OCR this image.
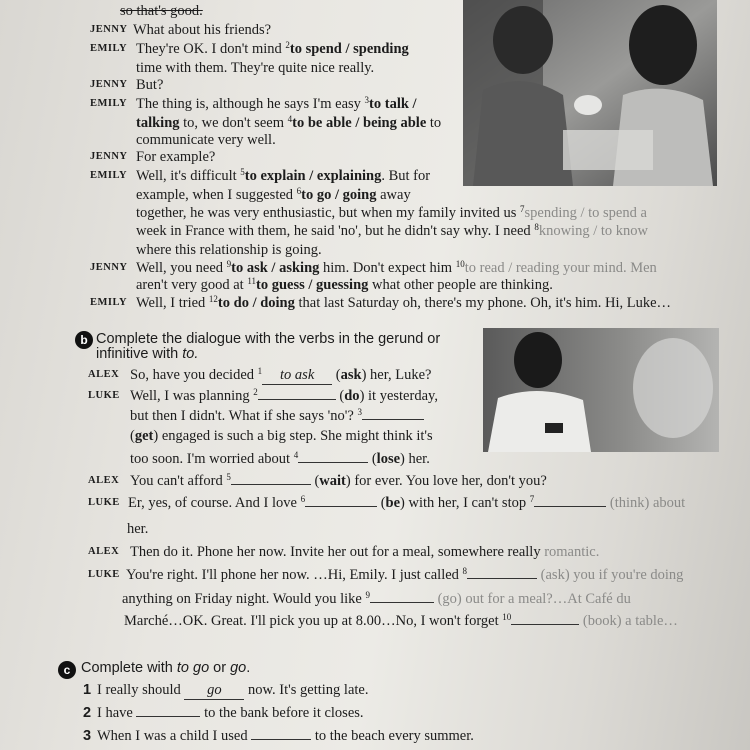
so that's good.
JENNY What about his friends?
EMILY They're OK. I don't mind $^2$to spend / spending
time with them. They're quite nice really.
JENNY But?
EMILY The thing is, although he says I'm easy $^3$to talk /
talking to, we don't seem $^4$to be able / being able to
communicate very well.
JENNY For example?
EMILY Well, it's difficult $^5$to explain / explaining. But for
example, when I suggested $^6$to go / going away
together, he was very enthusiastic, but when my family invited us $^7$spending / to spend a
week in France with them, he said 'no', but he didn't say why. I need $^8$knowing / to know
where this relationship is going.
JENNY Well, you need $^9$to ask / asking him. Don't expect him $^{10}$to read / reading your mind. Men
aren't very good at $^{11}$to guess / guessing what other people are thinking.
EMILY Well, I tried $^{12}$to do / doing that last Saturday oh, there's my phone. Oh, it's him. Hi, Luke…
b Complete the dialogue with the verbs in the gerund or
infinitive with to.
ALEX So, have you decided $^1$ to ask (ask) her, Luke?
LUKE Well, I was planning $^2$	(do) it yesterday,
but then I didn't. What if she says 'no'? $^3$
(get) engaged is such a big step. She might think it's
too soon. I'm worried about $^4$	(lose) her.
ALEX You can't afford $^5$	(wait) for ever. You love her, don't you?
LUKE Er, yes, of course. And I love $^6$	(be) with her, I can't stop $^7$	(think) about
her.
ALEX Then do it. Phone her now. Invite her out for a meal, somewhere really romantic.
LUKE You're right. I'll phone her now. …Hi, Emily. I just called $^8$	(ask) you if you're doing
anything on Friday night. Would you like $^9$	(go) out for a meal?…At Café du
Marché…OK. Great. I'll pick you up at 8.00…No, I won't forget $^{10}$	(book) a table…
c Complete with to go or go.
1 I really should go now. It's getting late.
2 I have	to the bank before it closes.
3 When I was a child I used	to the beach every summer.
